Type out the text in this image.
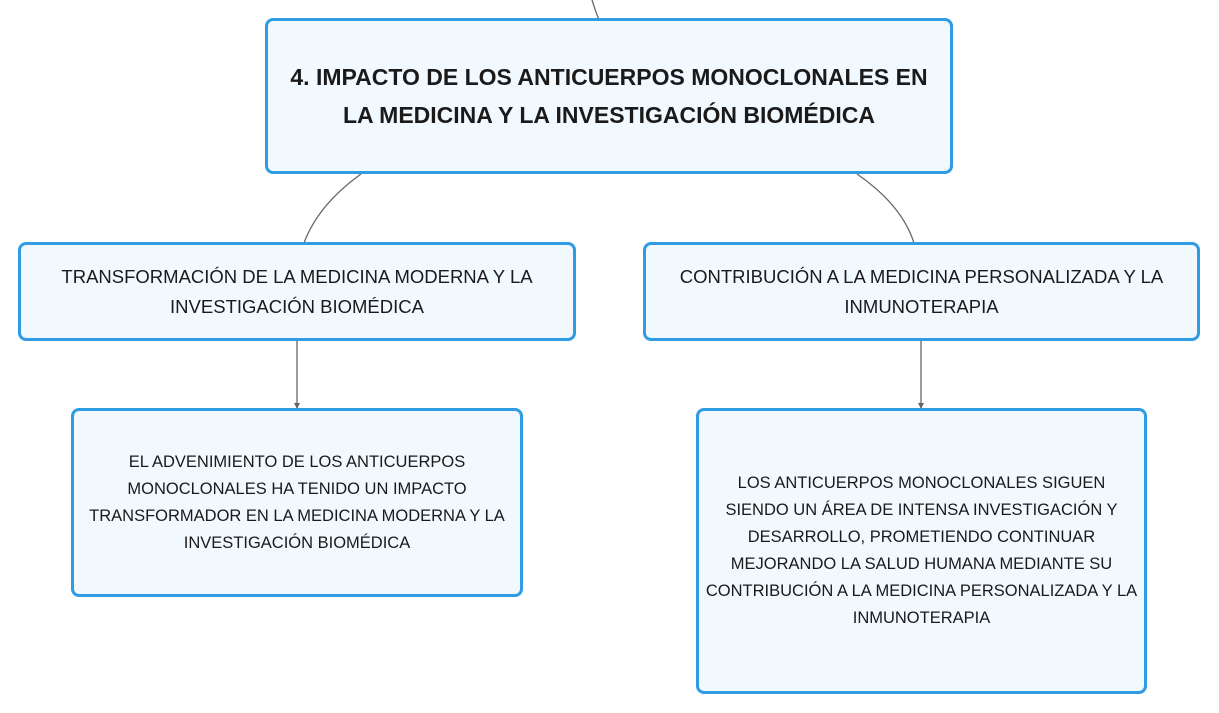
4. IMPACTO DE LOS ANTICUERPOS MONOCLONALES EN LA MEDICINA Y LA INVESTIGACIÓN BIOMÉDICA
TRANSFORMACIÓN DE LA MEDICINA MODERNA Y LA INVESTIGACIÓN BIOMÉDICA
CONTRIBUCIÓN A LA MEDICINA PERSONALIZADA Y LA INMUNOTERAPIA
EL ADVENIMIENTO DE LOS ANTICUERPOS MONOCLONALES HA TENIDO UN IMPACTO TRANSFORMADOR EN LA MEDICINA MODERNA Y LA INVESTIGACIÓN BIOMÉDICA
LOS ANTICUERPOS MONOCLONALES SIGUEN SIENDO UN ÁREA DE INTENSA INVESTIGACIÓN Y DESARROLLO, PROMETIENDO CONTINUAR MEJORANDO LA SALUD HUMANA MEDIANTE SU CONTRIBUCIÓN A LA MEDICINA PERSONALIZADA Y LA INMUNOTERAPIA
